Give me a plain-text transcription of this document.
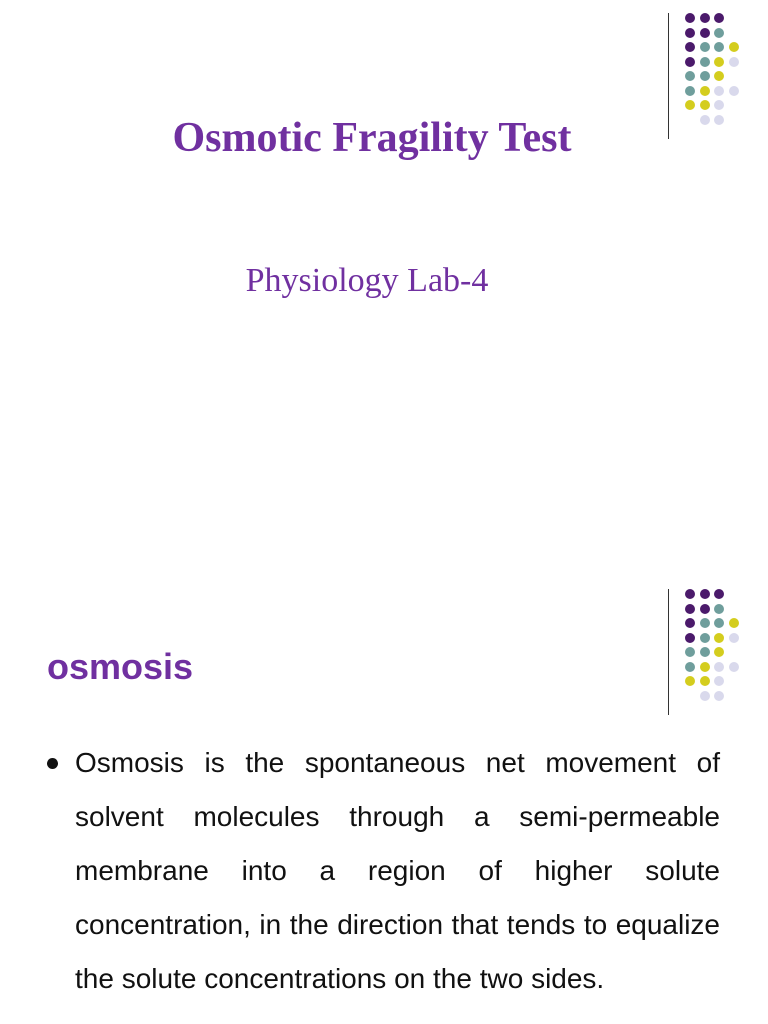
Osmotic Fragility Test

Physiology Lab-4

osmosis
Osmosis is the spontaneous net movement of solvent molecules through a semi-permeable membrane into a region of higher solute concentration, in the direction that tends to equalize the solute concentrations on the two sides.
